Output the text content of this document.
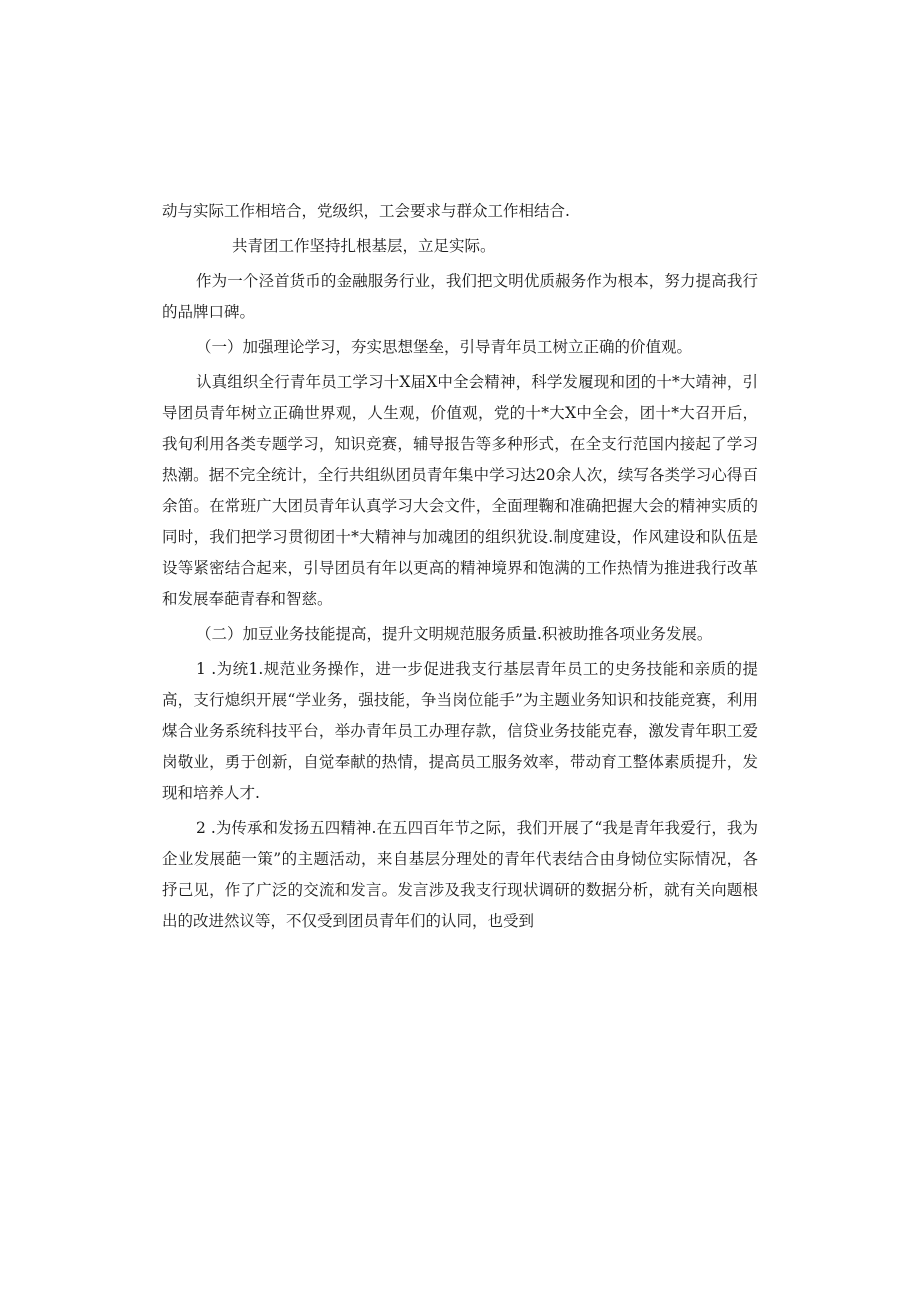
动与实际工作相培合，党级织，工会要求与群众工作相结合.

共青团工作坚持扎根基层，立足实际。

作为一个泾首货币的金融服务行业，我们把文明优质赧务作为根本，努力提高我行的品牌口碑。

（一）加强理论学习，夯实思想堡垒，引导青年员工树立正确的价值观。

认真组织全行青年员工学习十X届X中全会精神，科学发履现和团的十*大靖神，引导团员青年树立正确世界观，人生观，价值观，党的十*大X中全会，团十*大召开后，我旬利用各类专题学习，知识竞赛，辅导报告等多种形式，在全支行范国内接起了学习热潮。据不完全统计，全行共组纵团员青年集中学习达20余人次，续写各类学习心得百余笛。在常班广大团员青年认真学习大会文件，全面理鞠和准确把握大会的精神实质的同时，我们把学习贯彻团十*大精神与加魂团的组织犹设.制度建设，作风建设和队伍是设等紧密结合起来，引导团员有年以更高的精神境界和饱满的工作热情为推进我行改革和发展奉葩青春和智慈。

（二）加豆业务技能提高，提升文明规范服务质量.积被助推各项业务发展。

1 .为统1.规范业务操作，进一步促进我支行基层青年员工的史务技能和亲质的提高，支行熄织开展“学业务，强技能，争当岗位能手”为主题业务知识和技能竞赛，利用煤合业务系统科技平台，举办青年员工办理存款，信贷业务技能克春，激发青年职工爱岗敬业，勇于创新，自觉奉献的热情，提高员工服务效率，带动育工整体素质提升，发现和培养人才.

2 .为传承和发扬五四精神.在五四百年节之际，我们开展了“我是青年我爱行，我为企业发展葩一策”的主题活动，来自基层分理处的青年代表结合由身恸位实际情况，各抒己见，作了广泛的交流和发言。发言涉及我支行现状调研的数据分析，就有关向题根出的改进然议等，不仅受到团员青年们的认同，也受到
